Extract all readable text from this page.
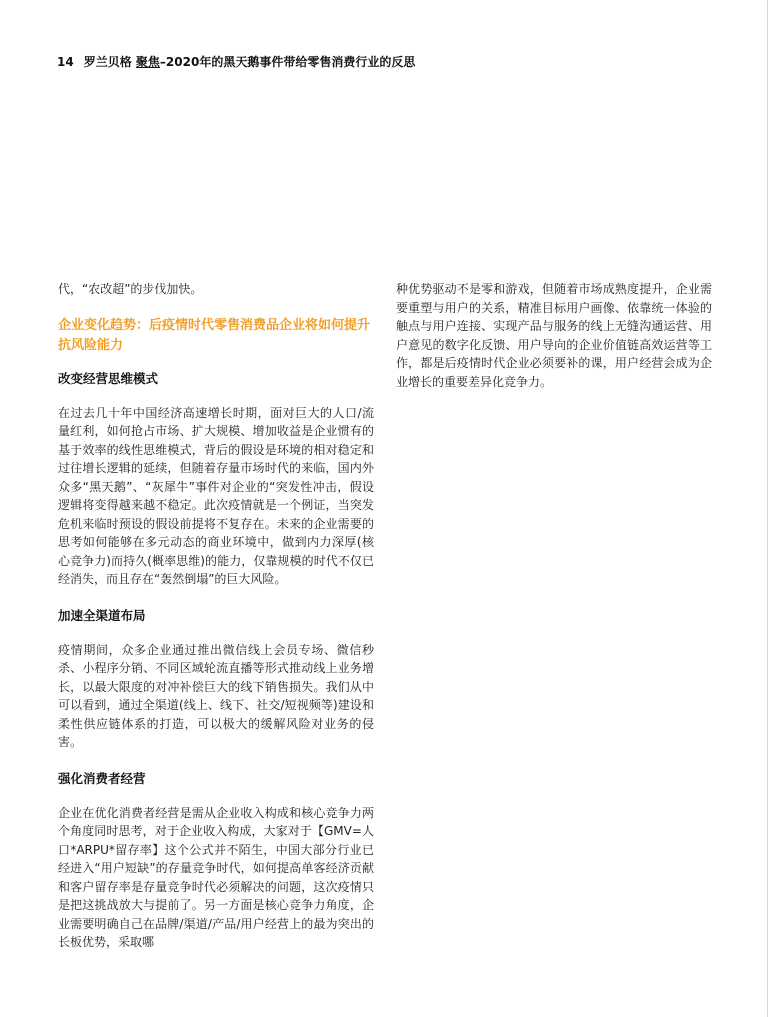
14 罗兰贝格 聚焦–2020年的黑天鹅事件带给零售消费行业的反思

代，“农改超”的步伐加快。

企业变化趋势：后疫情时代零售消费品企业将如何提升抗风险能力
改变经营思维模式

在过去几十年中国经济高速增长时期，面对巨大的人口/流量红利，如何抢占市场、扩大规模、增加收益是企业惯有的基于效率的线性思维模式，背后的假设是环境的相对稳定和过往增长逻辑的延续，但随着存量市场时代的来临，国内外众多“黑天鹅”、“灰犀牛”事件对企业的“突发性冲击，假设逻辑将变得越来越不稳定。此次疫情就是一个例证，当突发危机来临时预设的假设前提将不复存在。未来的企业需要的思考如何能够在多元动态的商业环境中，做到内力深厚(核心竞争力)而持久(概率思维)的能力，仅靠规模的时代不仅已经消失，而且存在“轰然倒塌”的巨大风险。

加速全渠道布局

疫情期间，众多企业通过推出微信线上会员专场、微信秒杀、小程序分销、不同区域轮流直播等形式推动线上业务增长，以最大限度的对冲补偿巨大的线下销售损失。我们从中可以看到，通过全渠道(线上、线下、社交/短视频等)建设和柔性供应链体系的打造，可以极大的缓解风险对业务的侵害。

强化消费者经营

企业在优化消费者经营是需从企业收入构成和核心竞争力两个角度同时思考，对于企业收入构成，大家对于【GMV=人口*ARPU*留存率】这个公式并不陌生，中国大部分行业已经进入“用户短缺”的存量竞争时代，如何提高单客经济贡献和客户留存率是存量竞争时代必须解决的问题，这次疫情只是把这挑战放大与提前了。另一方面是核心竞争力角度，企业需要明确自己在品牌/渠道/产品/用户经营上的最为突出的长板优势，采取哪

种优势驱动不是零和游戏，但随着市场成熟度提升，企业需要重塑与用户的关系，精准目标用户画像、依靠统一体验的触点与用户连接、实现产品与服务的线上无缝沟通运营、用户意见的数字化反馈、用户导向的企业价值链高效运营等工作，都是后疫情时代企业必须要补的课，用户经营会成为企业增长的重要差异化竞争力。
